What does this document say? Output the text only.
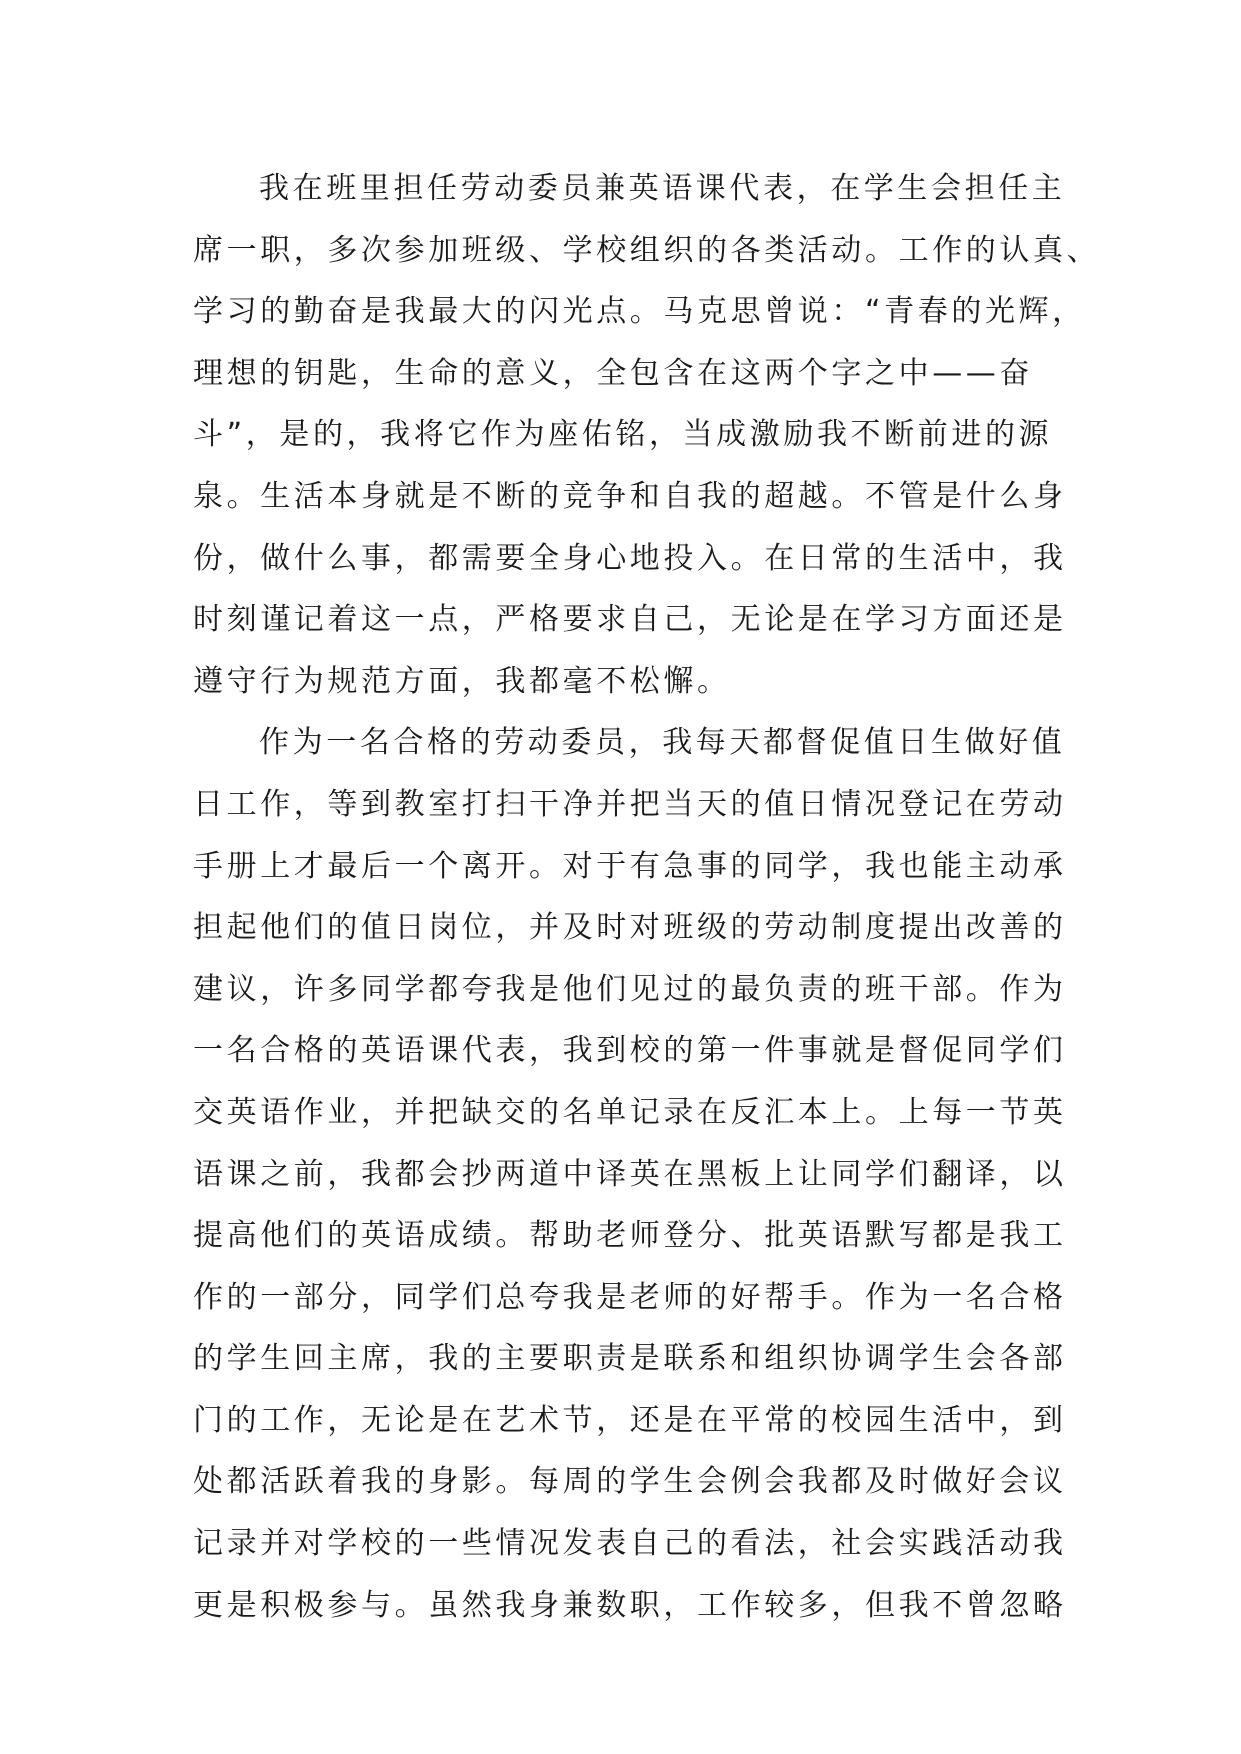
我在班里担任劳动委员兼英语课代表，在学生会担任主
席一职，多次参加班级、学校组织的各类活动。工作的认真、
学习的勤奋是我最大的闪光点。马克思曾说：“青春的光辉，
理想的钥匙，生命的意义，全包含在这两个字之中——奋
斗”，是的，我将它作为座佑铭，当成激励我不断前进的源
泉。生活本身就是不断的竞争和自我的超越。不管是什么身
份，做什么事，都需要全身心地投入。在日常的生活中，我
时刻谨记着这一点，严格要求自己，无论是在学习方面还是
遵守行为规范方面，我都毫不松懈。
作为一名合格的劳动委员，我每天都督促值日生做好值
日工作，等到教室打扫干净并把当天的值日情况登记在劳动
手册上才最后一个离开。对于有急事的同学，我也能主动承
担起他们的值日岗位，并及时对班级的劳动制度提出改善的
建议，许多同学都夸我是他们见过的最负责的班干部。作为
一名合格的英语课代表，我到校的第一件事就是督促同学们
交英语作业，并把缺交的名单记录在反汇本上。上每一节英
语课之前，我都会抄两道中译英在黑板上让同学们翻译，以
提高他们的英语成绩。帮助老师登分、批英语默写都是我工
作的一部分，同学们总夸我是老师的好帮手。作为一名合格
的学生回主席，我的主要职责是联系和组织协调学生会各部
门的工作，无论是在艺术节，还是在平常的校园生活中，到
处都活跃着我的身影。每周的学生会例会我都及时做好会议
记录并对学校的一些情况发表自己的看法，社会实践活动我
更是积极参与。虽然我身兼数职，工作较多，但我不曾忽略
